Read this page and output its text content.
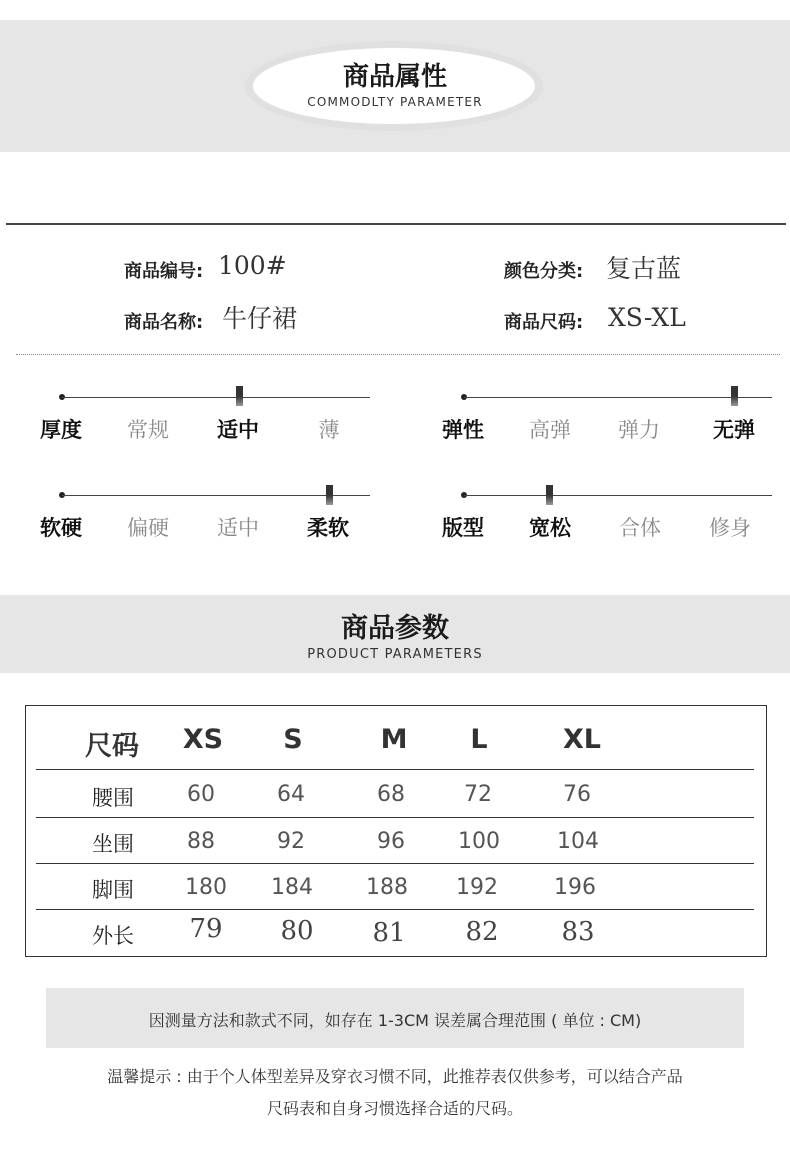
商品属性
COMMODLTY PARAMETER
商品编号: 100#
商品名称: 牛仔裙
颜色分类: 复古蓝
商品尺码: XS-XL
厚度	常规	适中	薄	弹性	高弹	弹力	无弹
软硬	偏硬	适中	柔软	版型	宽松	合体	修身
商品参数
PRODUCT PARAMETERS
尺码	XS	S	M	L	XL
腰围	60	64	68	72	76
坐围	88	92	96	100	104
脚围	180	184	188	192	196
外长	79	80	81	82	83
因测量方法和款式不同，如存在 1-3CM 误差属合理范围 ( 单位 : CM)
温馨提示 : 由于个人体型差异及穿衣习惯不同，此推荐表仅供参考，可以结合产品
尺码表和自身习惯选择合适的尺码。
